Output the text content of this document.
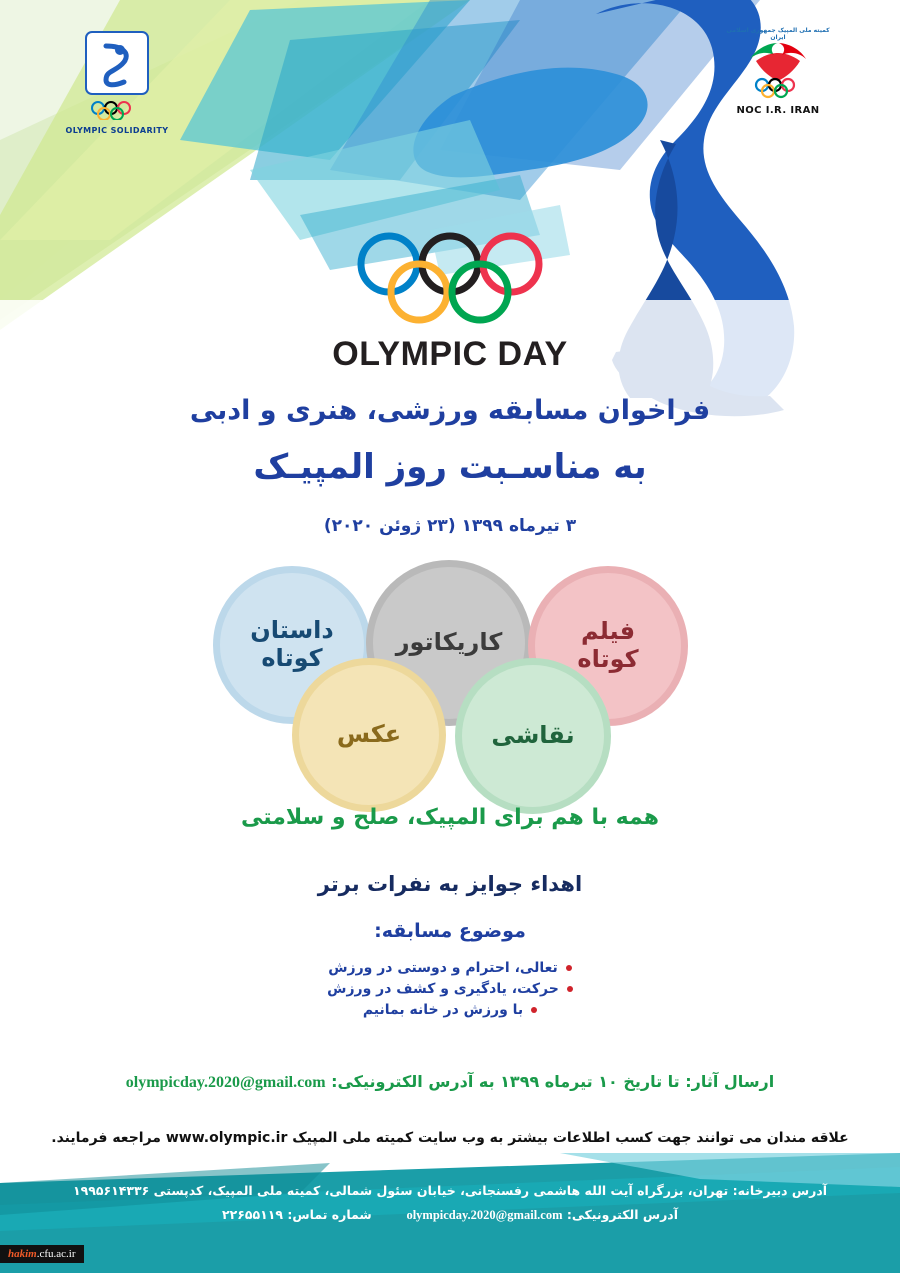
OLYMPIC SOLIDARITY
کمیته ملی المپیک جمهوری اسلامی ایران
NOC I.R. IRAN
OLYMPIC DAY
فراخوان مسابقه ورزشی، هنری و ادبی
به مناسـبت روز المپیـک
۳ تیرماه ۱۳۹۹ (۲۳ ژوئن ۲۰۲۰)
داستان
کوتاه
کاریکاتور	فیلم
کوتاه
عکس	نقاشی
همه با هم برای المپیک، صلح و سلامتی
اهداء جوایز به نفرات برتر
موضوع مسابقه:
تعالی، احترام و دوستی در ورزش
حرکت، یادگیری و کشف در ورزش
با ورزش در خانه بمانیم
ارسال آثار: تا تاریخ ۱۰ تیرماه ۱۳۹۹ به آدرس الکترونیکی: olympicday.2020@gmail.com
علاقه مندان می توانند جهت کسب اطلاعات بیشتر به وب سایت کمیته ملی المپیک www.olympic.ir مراجعه فرمایند.
آدرس دبیرخانه: تهران، بزرگراه آیت الله هاشمی رفسنجانی، خیابان سئول شمالی، کمیته ملی المپیک، کدپستی ۱۹۹۵۶۱۴۳۳۶
آدرس الکترونیکی: olympicday.2020@gmail.com  شماره تماس: ۲۲۶۵۵۱۱۹
hakim.cfu.ac.ir
